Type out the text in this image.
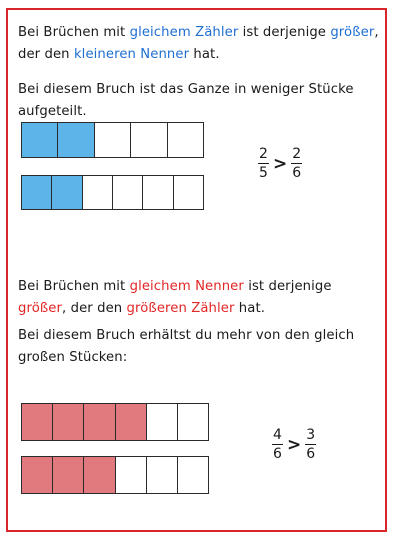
Bei Brüchen mit gleichem Zähler ist derjenige größer,
der den kleineren Nenner hat.
Bei diesem Bruch ist das Ganze in weniger Stücke
aufgeteilt.
$\frac{2}{5} > \frac{2}{6}$
Bei Brüchen mit gleichem Nenner ist derjenige
größer, der den größeren Zähler hat.
Bei diesem Bruch erhältst du mehr von den gleich
großen Stücken:
$\frac{4}{6} > \frac{3}{6}$
